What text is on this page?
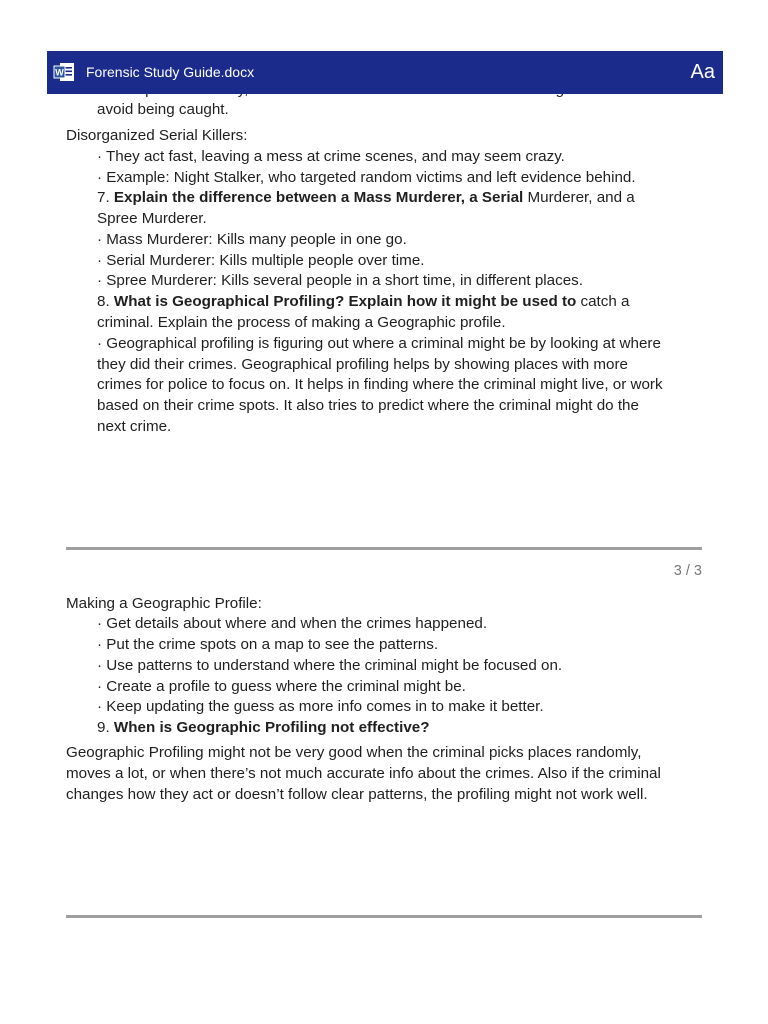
W Forensic Study Guide.docx	Aa
avoid being caught.
Disorganized Serial Killers:
· They act fast, leaving a mess at crime scenes, and may seem crazy.
· Example: Night Stalker, who targeted random victims and left evidence behind.
7. Explain the difference between a Mass Murderer, a Serial Murderer, and a
Spree Murderer.
· Mass Murderer: Kills many people in one go.
· Serial Murderer: Kills multiple people over time.
· Spree Murderer: Kills several people in a short time, in different places.
8. What is Geographical Profiling? Explain how it might be used to catch a
criminal. Explain the process of making a Geographic profile.
· Geographical profiling is figuring out where a criminal might be by looking at where
they did their crimes. Geographical profiling helps by showing places with more
crimes for police to focus on. It helps in finding where the criminal might live, or work
based on their crime spots. It also tries to predict where the criminal might do the
next crime.
3 / 3
Making a Geographic Profile:
· Get details about where and when the crimes happened.
· Put the crime spots on a map to see the patterns.
· Use patterns to understand where the criminal might be focused on.
· Create a profile to guess where the criminal might be.
· Keep updating the guess as more info comes in to make it better.
9. When is Geographic Profiling not effective?
Geographic Profiling might not be very good when the criminal picks places randomly,
moves a lot, or when there’s not much accurate info about the crimes. Also if the criminal
changes how they act or doesn’t follow clear patterns, the profiling might not work well.
